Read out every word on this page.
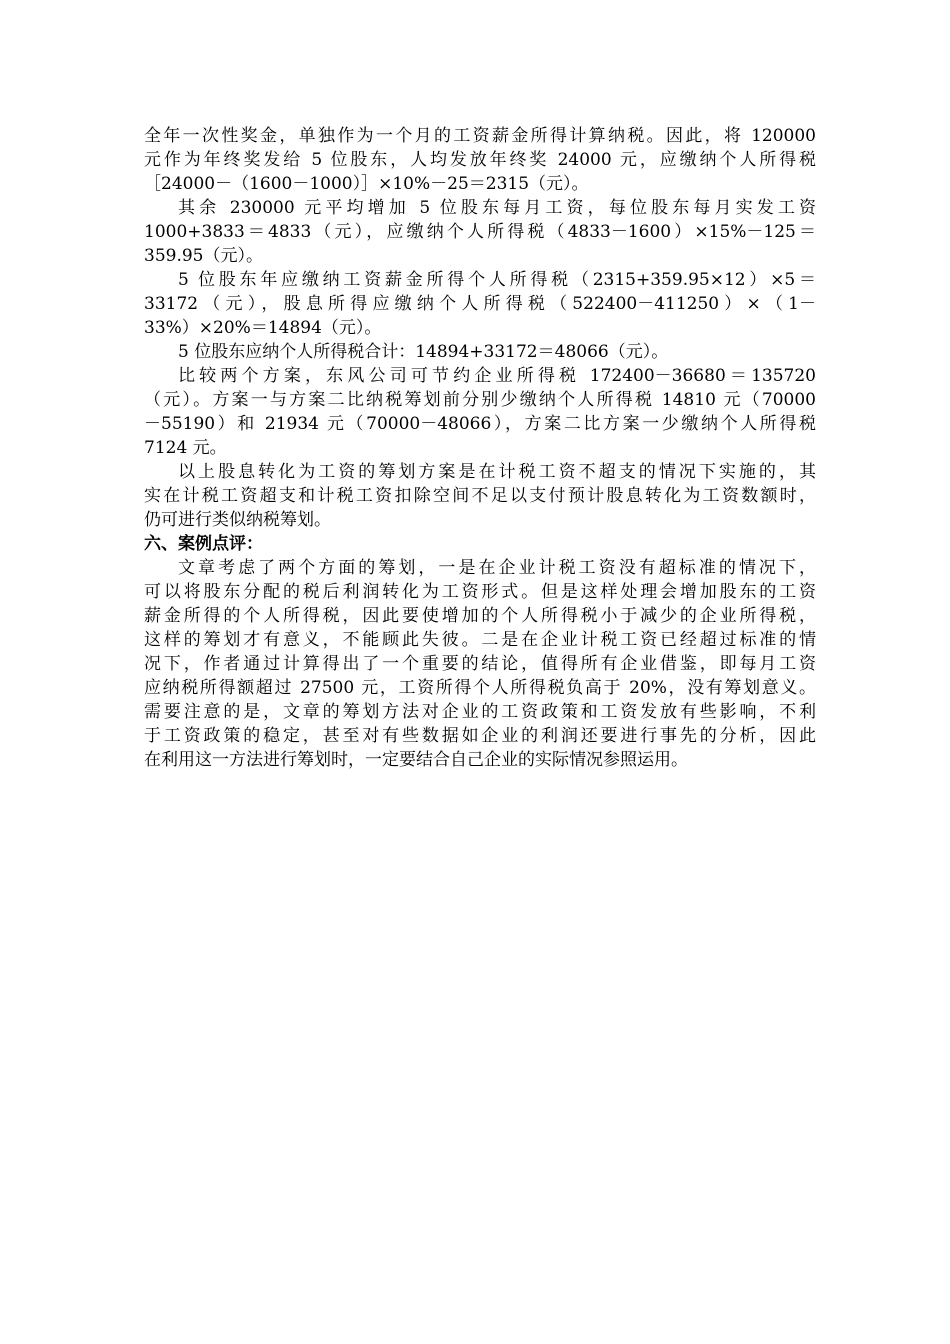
全年一次性奖金，单独作为一个月的工资薪金所得计算纳税。因此，将 120000
元作为年终奖发给 5 位股东，人均发放年终奖 24000 元，应缴纳个人所得税
［24000－（1600－1000）］×10%－25＝2315（元）。
其余 230000 元平均增加 5 位股东每月工资，每位股东每月实发工资
1000+3833＝4833（元），应缴纳个人所得税（4833－1600）×15%－125＝
359.95（元）。
5 位股东年应缴纳工资薪金所得个人所得税（2315+359.95×12）×5＝
33172（元），股息所得应缴纳个人所得税（522400－411250）×（1－
33%）×20%＝14894（元）。
5 位股东应纳个人所得税合计：14894+33172＝48066（元）。
比较两个方案，东风公司可节约企业所得税 172400－36680＝135720
（元）。方案一与方案二比纳税筹划前分别少缴纳个人所得税 14810 元（70000
－55190）和 21934 元（70000－48066），方案二比方案一少缴纳个人所得税
7124 元。
以上股息转化为工资的筹划方案是在计税工资不超支的情况下实施的，其
实在计税工资超支和计税工资扣除空间不足以支付预计股息转化为工资数额时，
仍可进行类似纳税筹划。
六、案例点评：
文章考虑了两个方面的筹划，一是在企业计税工资没有超标准的情况下，
可以将股东分配的税后利润转化为工资形式。但是这样处理会增加股东的工资
薪金所得的个人所得税，因此要使增加的个人所得税小于减少的企业所得税，
这样的筹划才有意义，不能顾此失彼。二是在企业计税工资已经超过标准的情
况下，作者通过计算得出了一个重要的结论，值得所有企业借鉴，即每月工资
应纳税所得额超过 27500 元，工资所得个人所得税负高于 20%，没有筹划意义。
需要注意的是，文章的筹划方法对企业的工资政策和工资发放有些影响，不利
于工资政策的稳定，甚至对有些数据如企业的利润还要进行事先的分析，因此
在利用这一方法进行筹划时，一定要结合自己企业的实际情况参照运用。
